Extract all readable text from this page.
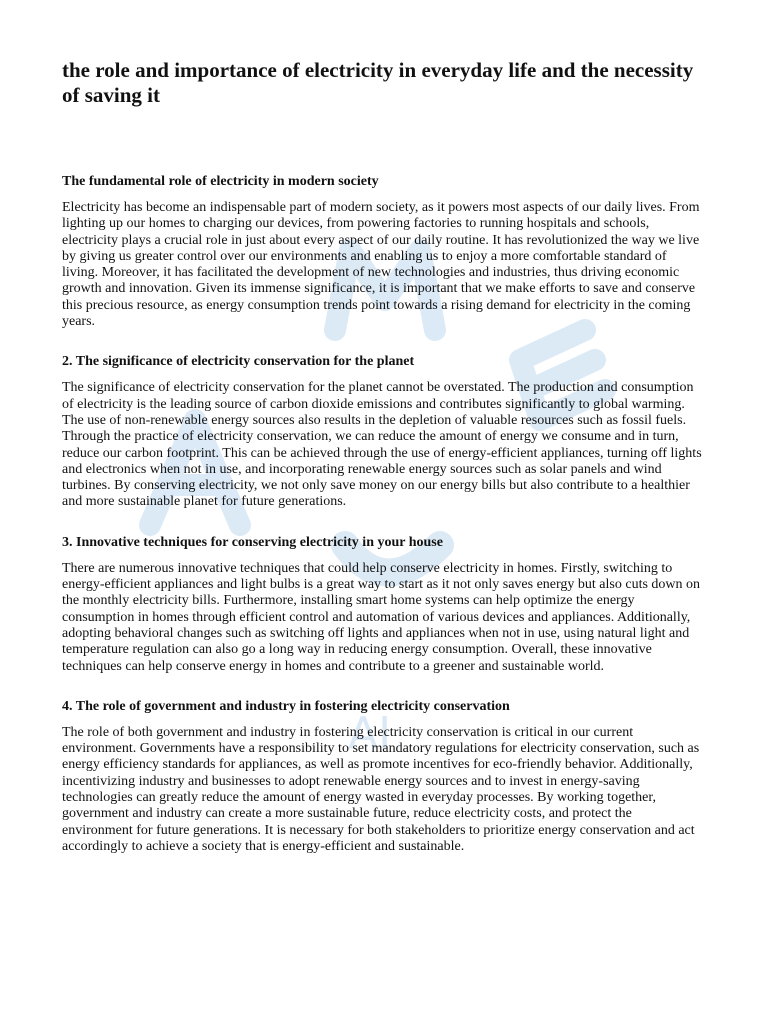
AI
the role and importance of electricity in everyday life and the necessity of saving it
The fundamental role of electricity in modern society

Electricity has become an indispensable part of modern society, as it powers most aspects of our daily lives. From lighting up our homes to charging our devices, from powering factories to running hospitals and schools, electricity plays a crucial role in just about every aspect of our daily routine. It has revolutionized the way we live by giving us greater control over our environments and enabling us to enjoy a more comfortable standard of living. Moreover, it has facilitated the development of new technologies and industries, thus driving economic growth and innovation. Given its immense significance, it is important that we make efforts to save and conserve this precious resource, as energy consumption trends point towards a rising demand for electricity in the coming years.

2. The significance of electricity conservation for the planet

The significance of electricity conservation for the planet cannot be overstated. The production and consumption of electricity is the leading source of carbon dioxide emissions and contributes significantly to global warming. The use of non-renewable energy sources also results in the depletion of valuable resources such as fossil fuels. Through the practice of electricity conservation, we can reduce the amount of energy we consume and in turn, reduce our carbon footprint. This can be achieved through the use of energy-efficient appliances, turning off lights and electronics when not in use, and incorporating renewable energy sources such as solar panels and wind turbines. By conserving electricity, we not only save money on our energy bills but also contribute to a healthier and more sustainable planet for future generations.

3. Innovative techniques for conserving electricity in your house

There are numerous innovative techniques that could help conserve electricity in homes. Firstly, switching to energy-efficient appliances and light bulbs is a great way to start as it not only saves energy but also cuts down on the monthly electricity bills. Furthermore, installing smart home systems can help optimize the energy consumption in homes through efficient control and automation of various devices and appliances. Additionally, adopting behavioral changes such as switching off lights and appliances when not in use, using natural light and temperature regulation can also go a long way in reducing energy consumption. Overall, these innovative techniques can help conserve energy in homes and contribute to a greener and sustainable world.

4. The role of government and industry in fostering electricity conservation

The role of both government and industry in fostering electricity conservation is critical in our current environment. Governments have a responsibility to set mandatory regulations for electricity conservation, such as energy efficiency standards for appliances, as well as promote incentives for eco-friendly behavior. Additionally, incentivizing industry and businesses to adopt renewable energy sources and to invest in energy-saving technologies can greatly reduce the amount of energy wasted in everyday processes. By working together, government and industry can create a more sustainable future, reduce electricity costs, and protect the environment for future generations. It is necessary for both stakeholders to prioritize energy conservation and act accordingly to achieve a society that is energy-efficient and sustainable.
